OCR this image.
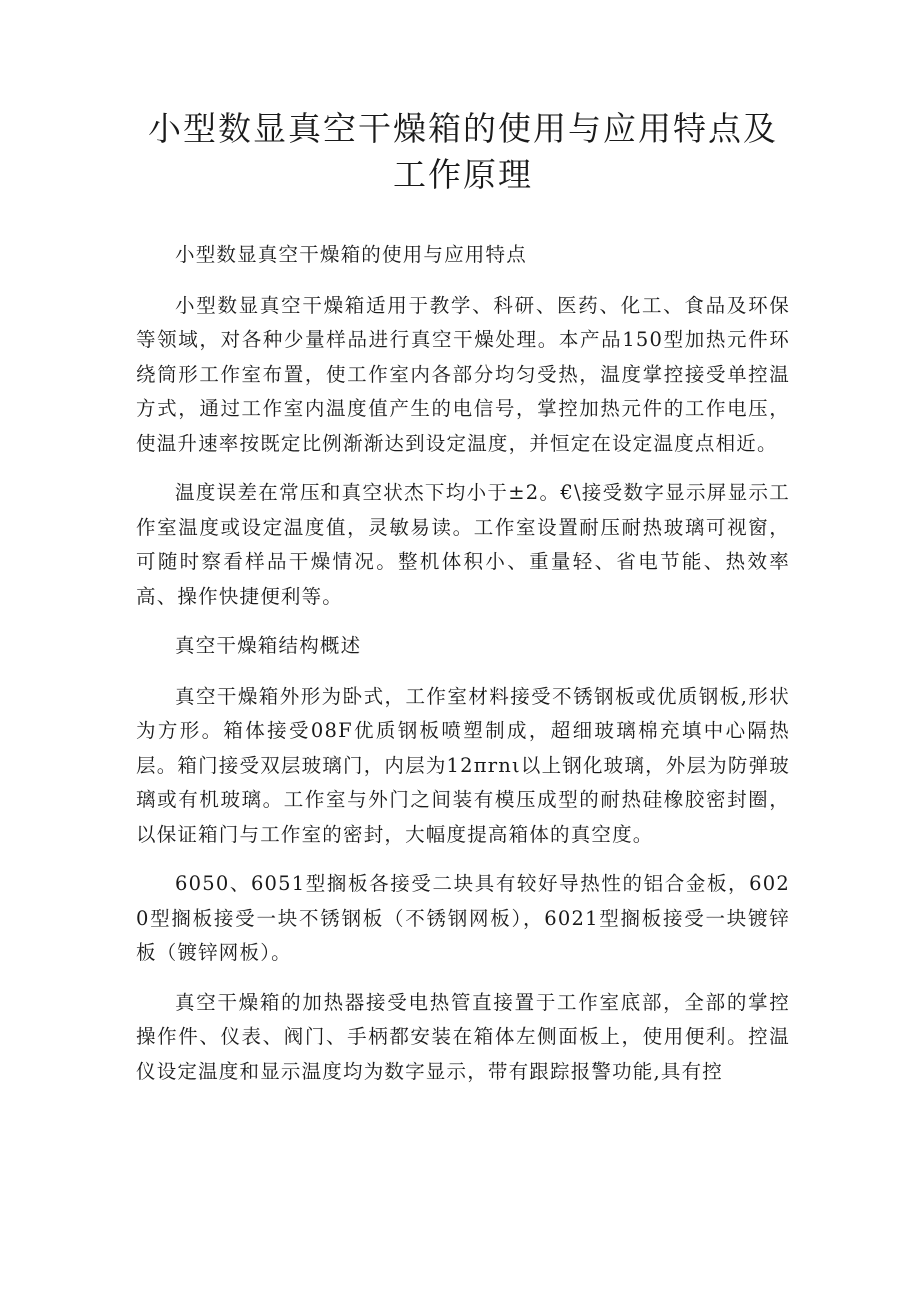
小型数显真空干燥箱的使用与应用特点及工作原理

小型数显真空干燥箱的使用与应用特点

小型数显真空干燥箱适用于教学、科研、医药、化工、食品及环保等领域，对各种少量样品进行真空干燥处理。本产品150型加热元件环绕筒形工作室布置，使工作室内各部分均匀受热，温度掌控接受单控温方式，通过工作室内温度值产生的电信号，掌控加热元件的工作电压，使温升速率按既定比例渐渐达到设定温度，并恒定在设定温度点相近。

温度误差在常压和真空状杰下均小于±2。€\接受数字显示屏显示工作室温度或设定温度值，灵敏易读。工作室设置耐压耐热玻璃可视窗，可随时察看样品干燥情况。整机体积小、重量轻、省电节能、热效率高、操作快捷便利等。

真空干燥箱结构概述

真空干燥箱外形为卧式，工作室材料接受不锈钢板或优质钢板,形状为方形。箱体接受08F优质钢板喷塑制成，超细玻璃棉充填中心隔热层。箱门接受双层玻璃门，内层为12πrnι以上钢化玻璃，外层为防弹玻璃或有机玻璃。工作室与外门之间装有模压成型的耐热硅橡胶密封圈，以保证箱门与工作室的密封，大幅度提高箱体的真空度。

6050、6051型搁板各接受二块具有较好导热性的铝合金板，6020型搁板接受一块不锈钢板（不锈钢网板），6021型搁板接受一块镀锌板（镀锌网板）。

真空干燥箱的加热器接受电热管直接置于工作室底部，全部的掌控操作件、仪表、阀门、手柄都安装在箱体左侧面板上，使用便利。控温仪设定温度和显示温度均为数字显示，带有跟踪报警功能,具有控
